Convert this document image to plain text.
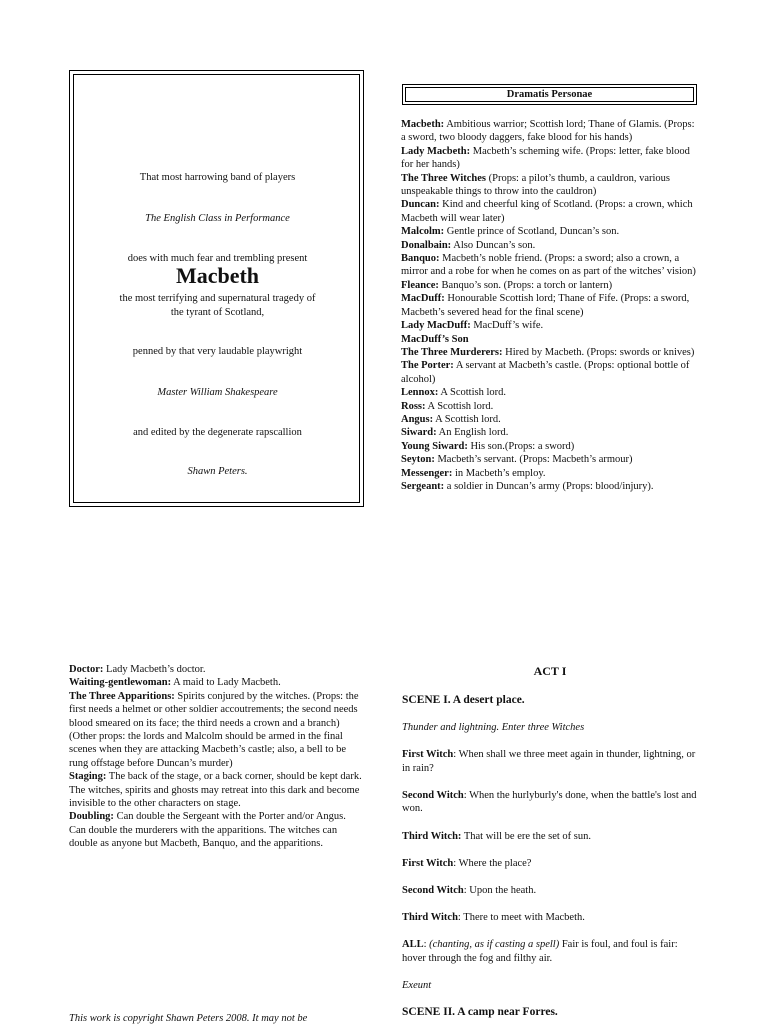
That most harrowing band of players
The English Class in Performance
does with much fear and trembling present
the most terrifying and supernatural tragedy of
Macbeth
the tyrant of Scotland,
penned by that very laudable playwright
Master William Shakespeare
and edited by the degenerate rapscallion
Shawn Peters.
Dramatis Personae

Macbeth: Ambitious warrior; Scottish lord; Thane of Glamis. (Props: a sword, two bloody daggers, fake blood for his hands)

Lady Macbeth: Macbeth’s scheming wife. (Props: letter, fake blood for her hands)

The Three Witches (Props: a pilot’s thumb, a cauldron, various unspeakable things to throw into the cauldron)

Duncan: Kind and cheerful king of Scotland. (Props: a crown, which Macbeth will wear later)

Malcolm: Gentle prince of Scotland, Duncan’s son.

Donalbain: Also Duncan’s son.

Banquo: Macbeth’s noble friend. (Props: a sword; also a crown, a mirror and a robe for when he comes on as part of the witches’ vision)

Fleance: Banquo’s son. (Props: a torch or lantern)

MacDuff: Honourable Scottish lord; Thane of Fife. (Props: a sword, Macbeth’s severed head for the final scene)

Lady MacDuff: MacDuff’s wife.

MacDuff’s Son

The Three Murderers: Hired by Macbeth. (Props: swords or knives)

The Porter: A servant at Macbeth’s castle. (Props: optional bottle of alcohol)

Lennox: A Scottish lord.

Ross: A Scottish lord.

Angus: A Scottish lord.

Siward: An English lord.

Young Siward: His son.(Props: a sword)

Seyton: Macbeth’s servant. (Props: Macbeth’s armour)

Messenger: in Macbeth’s employ.

Sergeant: a soldier in Duncan’s army (Props: blood/injury).

Doctor: Lady Macbeth’s doctor.

Waiting-gentlewoman: A maid to Lady Macbeth.

The Three Apparitions: Spirits conjured by the witches. (Props: the first needs a helmet or other soldier accoutrements; the second needs blood smeared on its face; the third needs a crown and a branch)

(Other props: the lords and Malcolm should be armed in the final scenes when they are attacking Macbeth’s castle; also, a bell to be rung offstage before Duncan’s murder)

Staging: The back of the stage, or a back corner, should be kept dark. The witches, spirits and ghosts may retreat into this dark and become invisible to the other characters on stage.

Doubling: Can double the Sergeant with the Porter and/or Angus. Can double the murderers with the apparitions. The witches can double as anyone but Macbeth, Banquo, and the apparitions.

This work is copyright Shawn Peters 2008. It may not be
ACT I

SCENE I. A desert place.

Thunder and lightning. Enter three Witches

First Witch: When shall we three meet again in thunder, lightning, or in rain?

Second Witch: When the hurlyburly's done, when the battle's lost and won.

Third Witch: That will be ere the set of sun.

First Witch: Where the place?

Second Witch: Upon the heath.

Third Witch: There to meet with Macbeth.

ALL: (chanting, as if casting a spell) Fair is foul, and foul is fair: hover through the fog and filthy air.

Exeunt

SCENE II. A camp near Forres.
